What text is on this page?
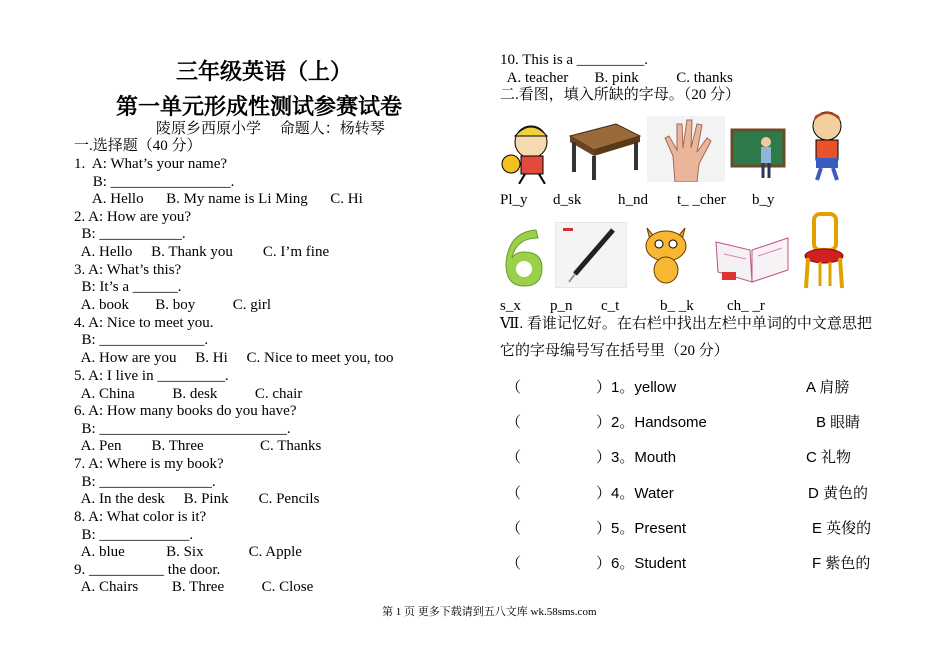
三年级英语（上）
第一单元形成性测试参赛试卷
陵原乡西原小学     命题人：杨转琴
一.选择题（40 分）
1.  A: What’s your name?
B: ________________.
A. Hello      B. My name is Li Ming      C. Hi
2. A: How are you?
B: ___________.
A. Hello     B. Thank you        C. I’m fine
3. A: What’s this?
B: It’s a ______.
A. book       B. boy          C. girl
4. A: Nice to meet you.
B: ______________.
A. How are you     B. Hi     C. Nice to meet you, too
5. A: I live in _________.
A. China          B. desk          C. chair
6. A: How many books do you have?
B: _________________________.
A. Pen        B. Three               C. Thanks
7. A: Where is my book?
B: _______________.
A. In the desk     B. Pink        C. Pencils
8. A: What color is it?
B: ____________.
A. blue           B. Six            C. Apple
9. __________ the door.
A. Chairs         B. Three          C. Close
10. This is a _________.
A. teacher       B. pink          C. thanks
二.看图，填入所缺的字母。（20 分）
Pl_y d_sk h_nd t_ _cher b_y
s_x p_n c_t	b_ _k ch_ _r
Ⅶ. 看谁记忆好。在右栏中找出左栏中单词的中文意思把
它的字母编号写在括号里（20 分）
（                  ）1。yellow	A 肩膀
（                  ）2。Handsome	B 眼睛
（                  ）3。Mouth	C 礼物
（                  ）4。Water	D 黄色的
（                  ）5。Present	E 英俊的
（                  ）6。Student	F 紫色的
第 1 页 更多下载请到五八文库 wk.58sms.com
